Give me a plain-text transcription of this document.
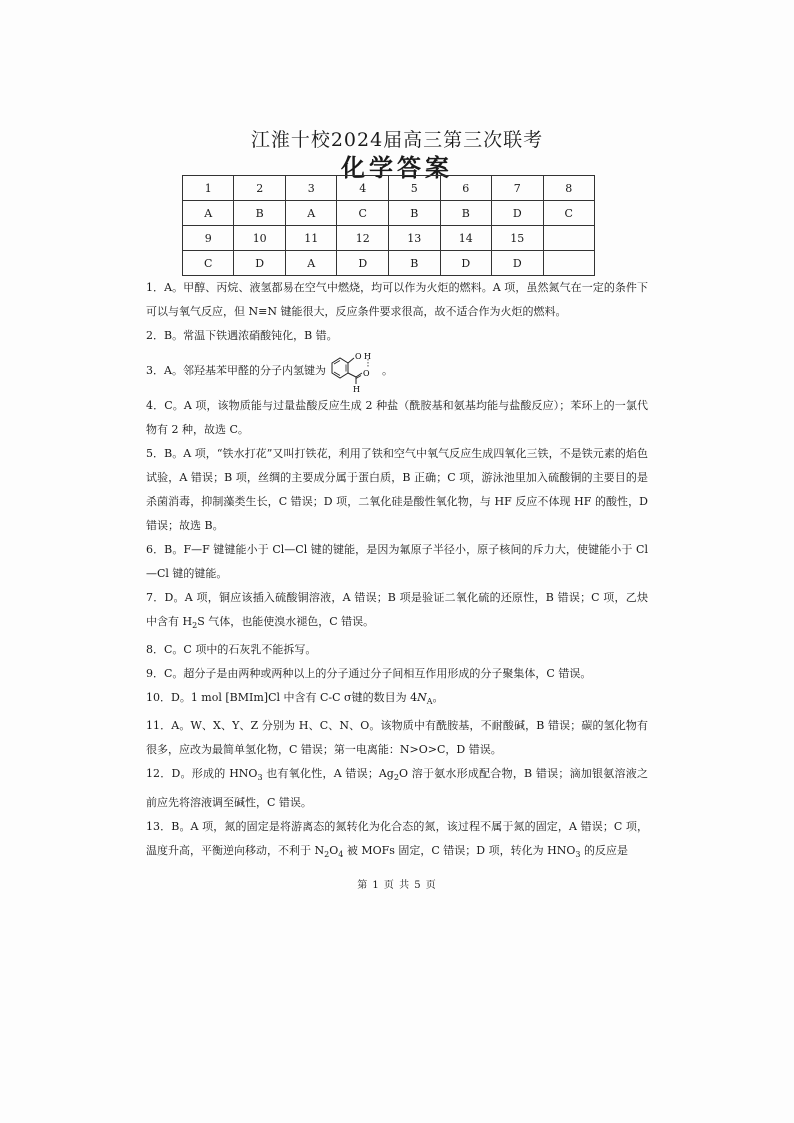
江淮十校2024届高三第三次联考
化学答案
1	2	3	4	5	6	7	8
A	B	A	C	B	B	D	C
9	10	11	12	13	14	15	
C	D	A	D	B	D	D	

1．A。甲醇、丙烷、液氢都易在空气中燃烧，均可以作为火炬的燃料。A 项，虽然氮气在一定的条件下可以与氧气反应，但 N≡N 键能很大，反应条件要求很高，故不适合作为火炬的燃料。

2．B。常温下铁遇浓硝酸钝化，B 错。

3．A。邻羟基苯甲醛的分子内氢键为
O H
O
H
。

4．C。A 项，该物质能与过量盐酸反应生成 2 种盐（酰胺基和氨基均能与盐酸反应）；苯环上的一氯代物有 2 种，故选 C。

5．B。A 项，“铁水打花”又叫打铁花，利用了铁和空气中氧气反应生成四氧化三铁，不是铁元素的焰色试验，A 错误；B 项，丝绸的主要成分属于蛋白质，B 正确；C 项，游泳池里加入硫酸铜的主要目的是杀菌消毒，抑制藻类生长，C 错误；D 项，二氧化硅是酸性氧化物，与 HF 反应不体现 HF 的酸性，D 错误；故选 B。

6．B。F—F 键键能小于 Cl—Cl 键的键能，是因为氟原子半径小，原子核间的斥力大，使键能小于 Cl—Cl 键的键能。

7．D。A 项，铜应该插入硫酸铜溶液，A 错误；B 项是验证二氧化硫的还原性，B 错误；C 项，乙炔中含有 $H_2S$ 气体，也能使溴水褪色，C 错误。

8．C。C 项中的石灰乳不能拆写。

9．C。超分子是由两种或两种以上的分子通过分子间相互作用形成的分子聚集体，C 错误。

10．D。1 mol [BMIm]Cl 中含有 C-C σ键的数目为 $4N_A$。

11．A。W、X、Y、Z 分别为 H、C、N、O。该物质中有酰胺基，不耐酸碱，B 错误；碳的氢化物有很多，应改为最简单氢化物，C 错误；第一电离能：N>O>C，D 错误。

12．D。形成的 $HNO_3$ 也有氧化性，A 错误；$Ag_2O$ 溶于氨水形成配合物，B 错误；滴加银氨溶液之前应先将溶液调至碱性，C 错误。

13．B。A 项，氮的固定是将游离态的氮转化为化合态的氮，该过程不属于氮的固定，A 错误；C 项，温度升高，平衡逆向移动，不利于 $N_2O_4$ 被 MOFs 固定，C 错误；D 项，转化为 $HNO_3$ 的反应是

第 1 页 共 5 页
